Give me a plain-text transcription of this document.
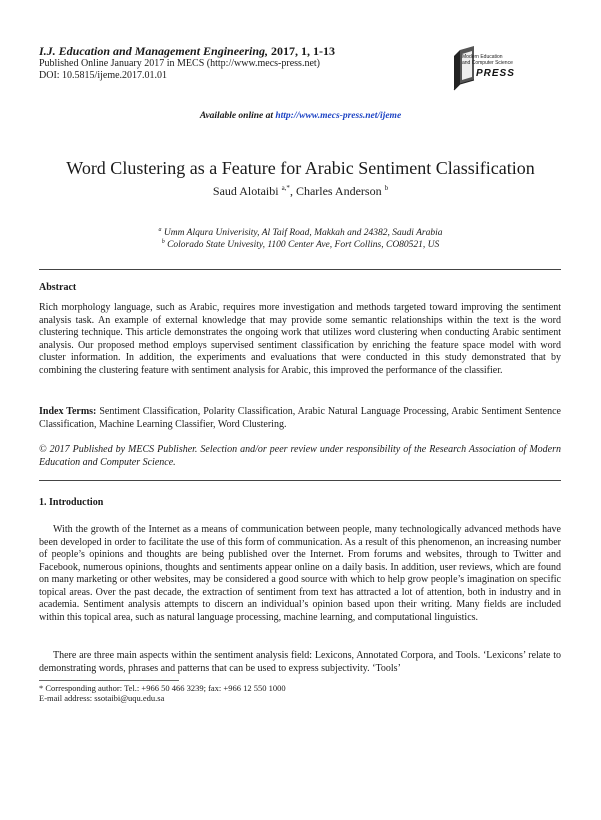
I.J. Education and Management Engineering, 2017, 1, 1-13
Published Online January 2017 in MECS (http://www.mecs-press.net)
DOI: 10.5815/ijeme.2017.01.01
Modern Education
and Computer Science
PRESS
Available online at http://www.mecs-press.net/ijeme
Word Clustering as a Feature for Arabic Sentiment Classification
Saud Alotaibi $^{a,*}$, Charles Anderson $^b$
$^a$ Umm Alqura Univerisity, Al Taif Road, Makkah and 24382, Saudi Arabia
$^b$ Colorado State Univesity, 1100 Center Ave, Fort Collins, CO80521, US
Abstract
Rich morphology language, such as Arabic, requires more investigation and methods targeted toward improving the sentiment analysis task. An example of external knowledge that may provide some semantic relationships within the text is the word clustering technique. This article demonstrates the ongoing work that utilizes word clustering when conducting Arabic sentiment analysis. Our proposed method employs supervised sentiment classification by enriching the feature space model with word cluster information. In addition, the experiments and evaluations that were conducted in this study demonstrated that by combining the clustering feature with sentiment analysis for Arabic, this improved the performance of the classifier.
Index Terms: Sentiment Classification, Polarity Classification, Arabic Natural Language Processing, Arabic Sentiment Sentence Classification, Machine Learning Classifier, Word Clustering.
© 2017 Published by MECS Publisher. Selection and/or peer review under responsibility of the Research Association of Modern Education and Computer Science.
1. Introduction
With the growth of the Internet as a means of communication between people, many technologically advanced methods have been developed in order to facilitate the use of this form of communication. As a result of this phenomenon, an increasing number of people’s opinions and thoughts are being published over the Internet. From forums and websites, through to Twitter and Facebook, numerous opinions, thoughts and sentiments appear online on a daily basis. In addition, user reviews, which are found on many marketing or other websites, may be considered a good source with which to help grow people’s imagination on specific topical areas. Over the past decade, the extraction of sentiment from text has attracted a lot of attention, both in industry and in academia. Sentiment analysis attempts to discern an individual’s opinion based upon their writing. Many fields are included within this topical area, such as natural language processing, machine learning, and computational linguistics.
There are three main aspects within the sentiment analysis field: Lexicons, Annotated Corpora, and Tools. ‘Lexicons’ relate to demonstrating words, phrases and patterns that can be used to express subjectivity. ‘Tools’
* Corresponding author: Tel.: +966 50 466 3239; fax: +966 12 550 1000
E-mail address: ssotaibi@uqu.edu.sa
